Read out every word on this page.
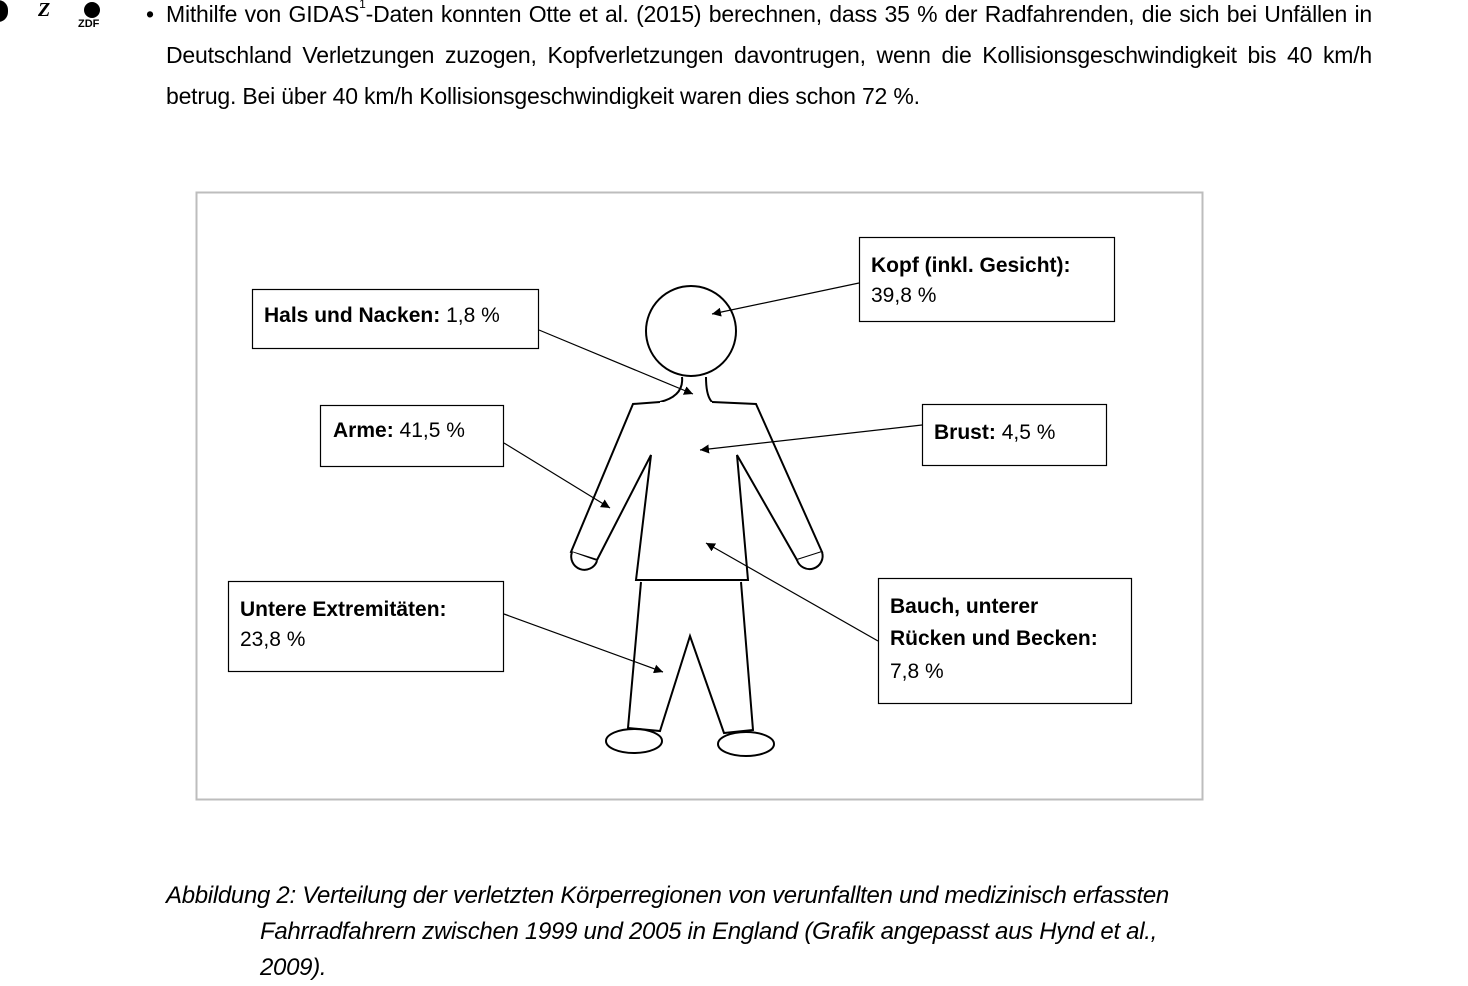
Z
ZDF • Mithilfe von GIDAS$^1$-Daten konnten Otte et al. (2015) berechnen, dass 35 % der Radfahrenden, die sich bei Unfällen in Deutschland Verletzungen zuzogen, Kopfverletzungen davontrugen, wenn die Kollisionsgeschwindigkeit bis 40 km/h betrug. Bei über 40 km/h Kollisionsgeschwindigkeit waren dies schon 72 %.
Kopf (inkl. Gesicht):
39,8 %
Hals und Nacken: 1,8 %
Arme: 41,5 %	Brust: 4,5 %
Untere Extremitäten:
23,8 %
Bauch, unterer
Rücken und Becken:
7,8 %
Abbildung 2: Verteilung der verletzten Körperregionen von verunfallten und medizinisch erfassten
Fahrradfahrern zwischen 1999 und 2005 in England (Grafik angepasst aus Hynd et al.,
2009).
